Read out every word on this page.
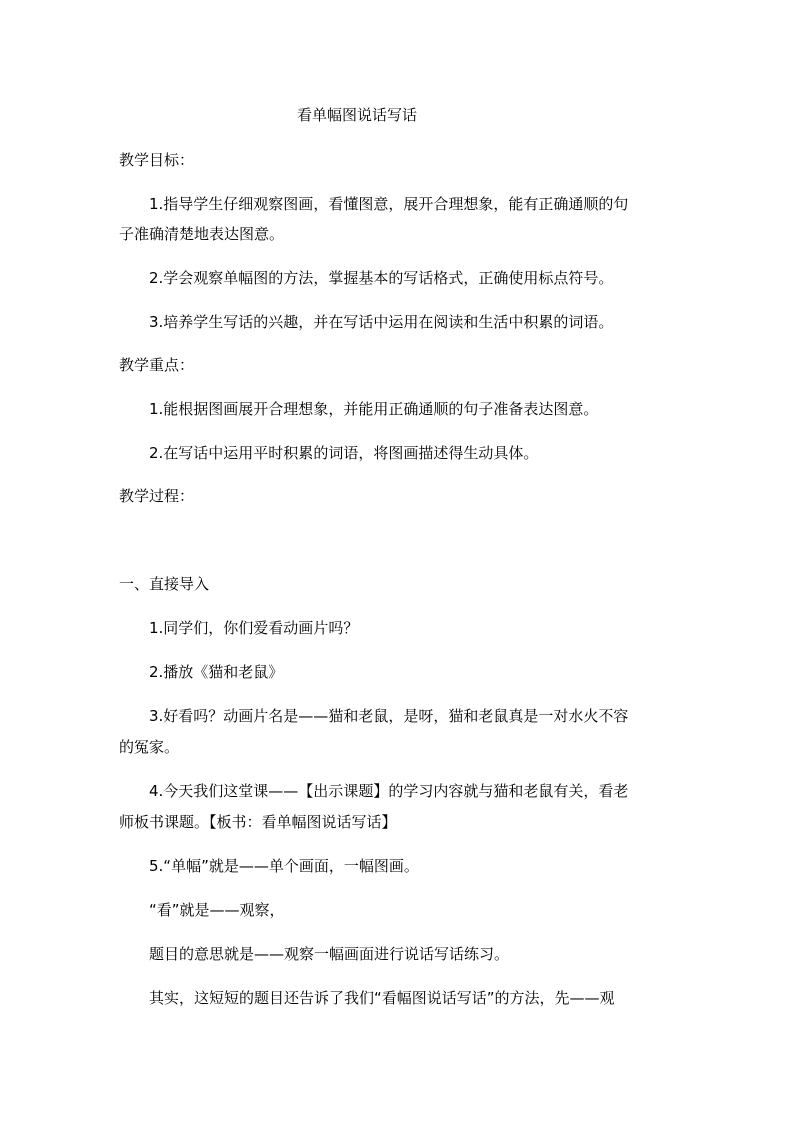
看单幅图说话写话
教学目标：
1.指导学生仔细观察图画，看懂图意，展开合理想象，能有正确通顺的句
子准确清楚地表达图意。
2.学会观察单幅图的方法，掌握基本的写话格式，正确使用标点符号。
3.培养学生写话的兴趣，并在写话中运用在阅读和生活中积累的词语。
教学重点：
1.能根据图画展开合理想象，并能用正确通顺的句子准备表达图意。
2.在写话中运用平时积累的词语，将图画描述得生动具体。
教学过程：
一、直接导入
1.同学们，你们爱看动画片吗？
2.播放《猫和老鼠》
3.好看吗？动画片名是——猫和老鼠，是呀，猫和老鼠真是一对水火不容
的冤家。
4.今天我们这堂课——【出示课题】的学习内容就与猫和老鼠有关，看老
师板书课题。【板书：看单幅图说话写话】
5.“单幅”就是——单个画面，一幅图画。
“看”就是——观察，
题目的意思就是——观察一幅画面进行说话写话练习。
其实，这短短的题目还告诉了我们“看幅图说话写话”的方法，先——观
